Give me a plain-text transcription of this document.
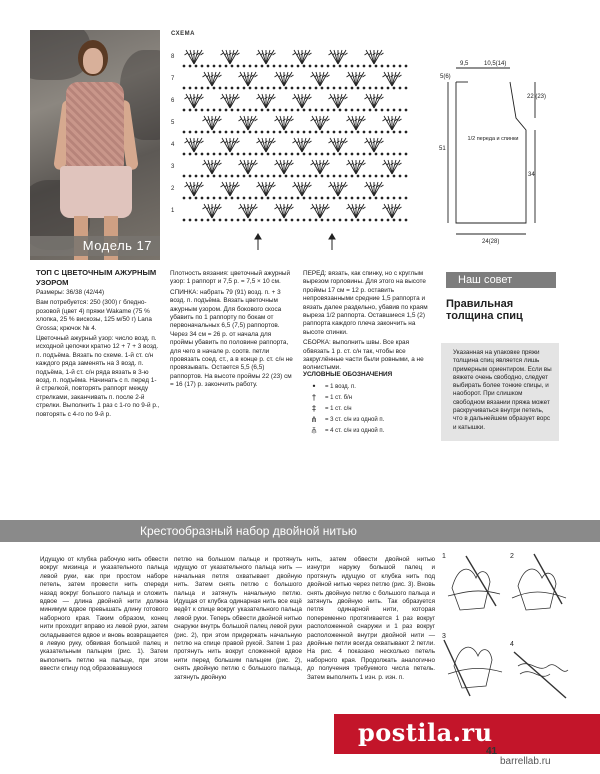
Модель 17
СХЕМА
8
7
6
5
4
3
2
1
9,5	10,5(14)
5(6)
22 (23)
51
34
1/2 переда и спинки
24(28)
ТОП С ЦВЕТОЧНЫМ АЖУРНЫМ УЗОРОМ
Размеры: 36/38 (42/44)
Вам потребуется: 250 (300) г бледно-розовой (цвет 4) пряжи Wakame (75 % хлопка, 25 % вискозы, 125 м/50 г) Lana Grossa; крючок № 4.
Цветочный ажурный узор: число возд. п. исходной цепочки кратно 12 + 7 + 3 возд. п. подъёма. Вязать по схеме. 1-й ст. с/н каждого ряда заменять на 3 возд. п. подъёма, 1-й ст. с/н ряда вязать в 3-ю возд. п. подъёма. Начинать с п. перед 1-й стрелкой, повторять раппорт между стрелками, заканчивать п. после 2-й стрелки. Выполнить 1 раз с 1-го по 9-й р., повторять с 4-го по 9-й р.
Плотность вязания: цветочный ажурный узор: 1 раппорт и 7,5 р. = 7,5 × 10 см.
СПИНКА: набрать 79 (91) возд. п. + 3 возд. п. подъёма. Вязать цветочным ажурным узором. Для бокового скоса убавить по 1 раппорту по бокам от первоначальных 6,5 (7,5) раппортов. Через 34 см = 26 р. от начала для проймы убавить по половине раппорта, для чего в начале р. соотв. петли провязать соед. ст., а в конце р. ст. с/н не провязывать. Остается 5,5 (6,5) раппортов. На высоте проймы 22 (23) см = 16 (17) р. закончить работу.
ПЕРЕД: вязать, как спинку, но с круглым вырезом горловины. Для этого на высоте проймы 17 см = 12 р. оставить непровязанными средние 1,5 раппорта и вязать далее раздельно, убавив по краям выреза 1/2 раппорта. Оставшиеся 1,5 (2) раппорта каждого плеча закончить на высоте спинки.
СБОРКА: выполнить швы. Все края обвязать 1 р. ст. с/н так, чтобы все закруглённые части были ровными, а не волнистыми.
УСЛОВНЫЕ ОБОЗНАЧЕНИЯ
•	= 1 возд. п.
†	= 1 ст. б/н
‡	= 1 ст. с/н
⋔	= 3 ст. с/н из одной п.
⫚	= 4 ст. с/н из одной п.
Наш совет
Правильная толщина спиц
Указанная на упаковке пряжи толщина спиц является лишь примерным ориентиром. Если вы вяжете очень свободно, следует выбирать более тонкие спицы, и наоборот. При слишком свободном вязании пряжа может раскручиваться внутри петель, что в дальнейшем образует ворс и катышки.
Крестообразный набор двойной нитью
Идущую от клубка рабочую нить обвести вокруг мизинца и указательного пальца левой руки, как при простом наборе петель, затем провести нить спереди назад вокруг большого пальца и сложить вдвое — длина двойной нити должна минимум вдвое превышать длину готового наборного края. Таким образом, конец нити проходит вправо из левой руки, затем складывается вдвое и вновь возвращается в левую руку, обвивая большой палец и указательным пальцем (рис. 1). Затем выполнить петлю на пальце, при этом ввести спицу под образовавшуюся
петлю на большом пальце и протянуть идущую от указательного пальца нить — начальная петля охватывает двойную нить. Затем снять петлю с большого пальца и затянуть начальную петлю. Идущая от клубка одинарная нить все ещё ведёт к спице вокруг указательного пальца левой руки. Теперь обвести двойной нитью снаружи внутрь большой палец левой руки (рис. 2), при этом придержать начальную петлю на спице правой рукой. Затем 1 раз протянуть нить вокруг сложенной вдвое нити перед большим пальцем (рис. 2), снять двойную петлю с большого пальца, затянуть двойную
нить, затем обвести двойной нитью изнутри наружу большой палец и протянуть идущую от клубка нить под двойной нитью через петлю (рис. 3). Вновь снять двойную петлю с большого пальца и затянуть двойную нить. Так образуется петля одинарной нити, которая попеременно протягивается 1 раз вокруг расположенной снаружи и 1 раз вокруг расположенной внутри двойной нити — двойные петли всегда охватывают 2 петли. На рис. 4 показано несколько петель наборного края. Продолжать аналогично до получения требуемого числа петель. Затем выполнить 1 изн. р. изн. п.
1	2
3
4
postila.ru
41
barrellab.ru
